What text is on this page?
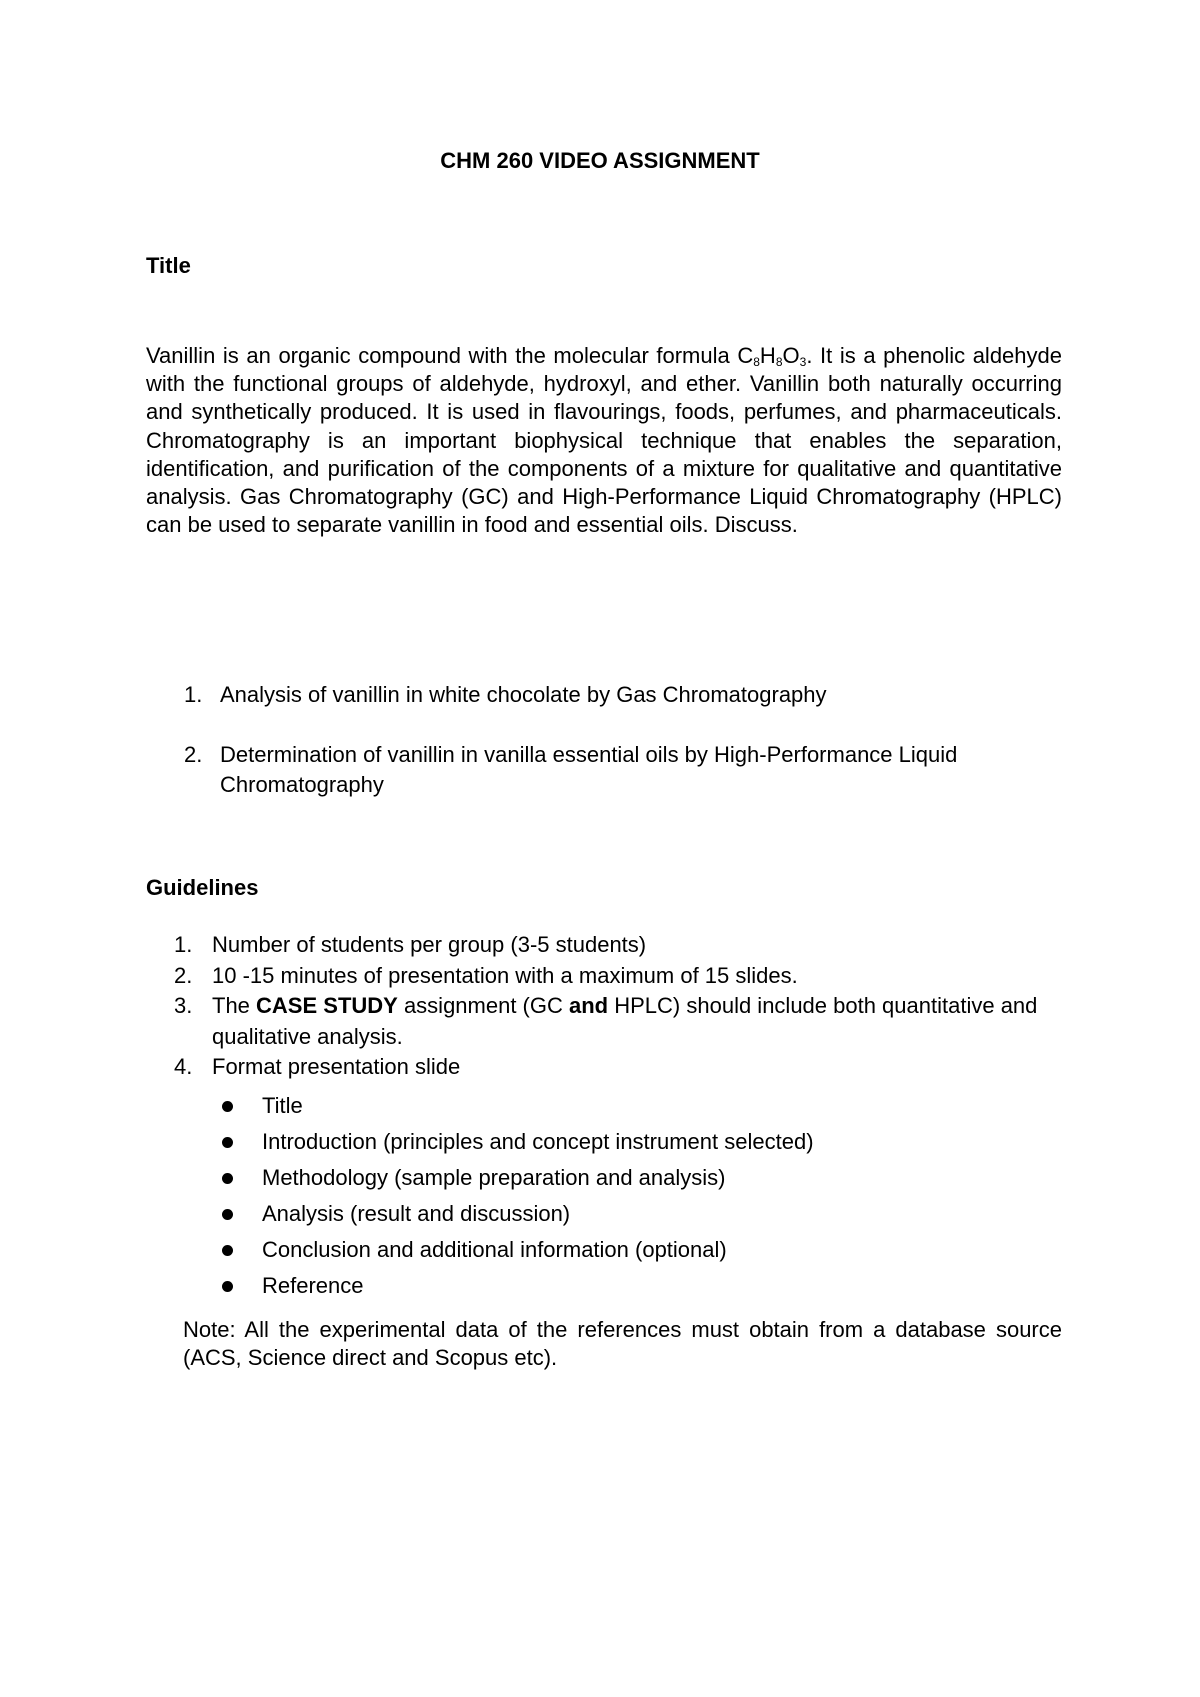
CHM 260 VIDEO ASSIGNMENT
Title
Vanillin is an organic compound with the molecular formula $C_8H_8O_3$. It is a phenolic aldehyde with the functional groups of aldehyde, hydroxyl, and ether. Vanillin both naturally occurring and synthetically produced. It is used in flavourings, foods, perfumes, and pharmaceuticals. Chromatography is an important biophysical technique that enables the separation, identification, and purification of the components of a mixture for qualitative and quantitative analysis. Gas Chromatography (GC) and High-Performance Liquid Chromatography (HPLC) can be used to separate vanillin in food and essential oils. Discuss.
1. Analysis of vanillin in white chocolate by Gas Chromatography
2. Determination of vanillin in vanilla essential oils by High-Performance Liquid Chromatography
Guidelines
1. Number of students per group (3-5 students)
2. 10 -15 minutes of presentation with a maximum of 15 slides.
3. The CASE STUDY assignment (GC and HPLC) should include both quantitative and qualitative analysis.
4. Format presentation slide
Title
Introduction (principles and concept instrument selected)
Methodology (sample preparation and analysis)
Analysis (result and discussion)
Conclusion and additional information (optional)
Reference
Note: All the experimental data of the references must obtain from a database source (ACS, Science direct and Scopus etc).
